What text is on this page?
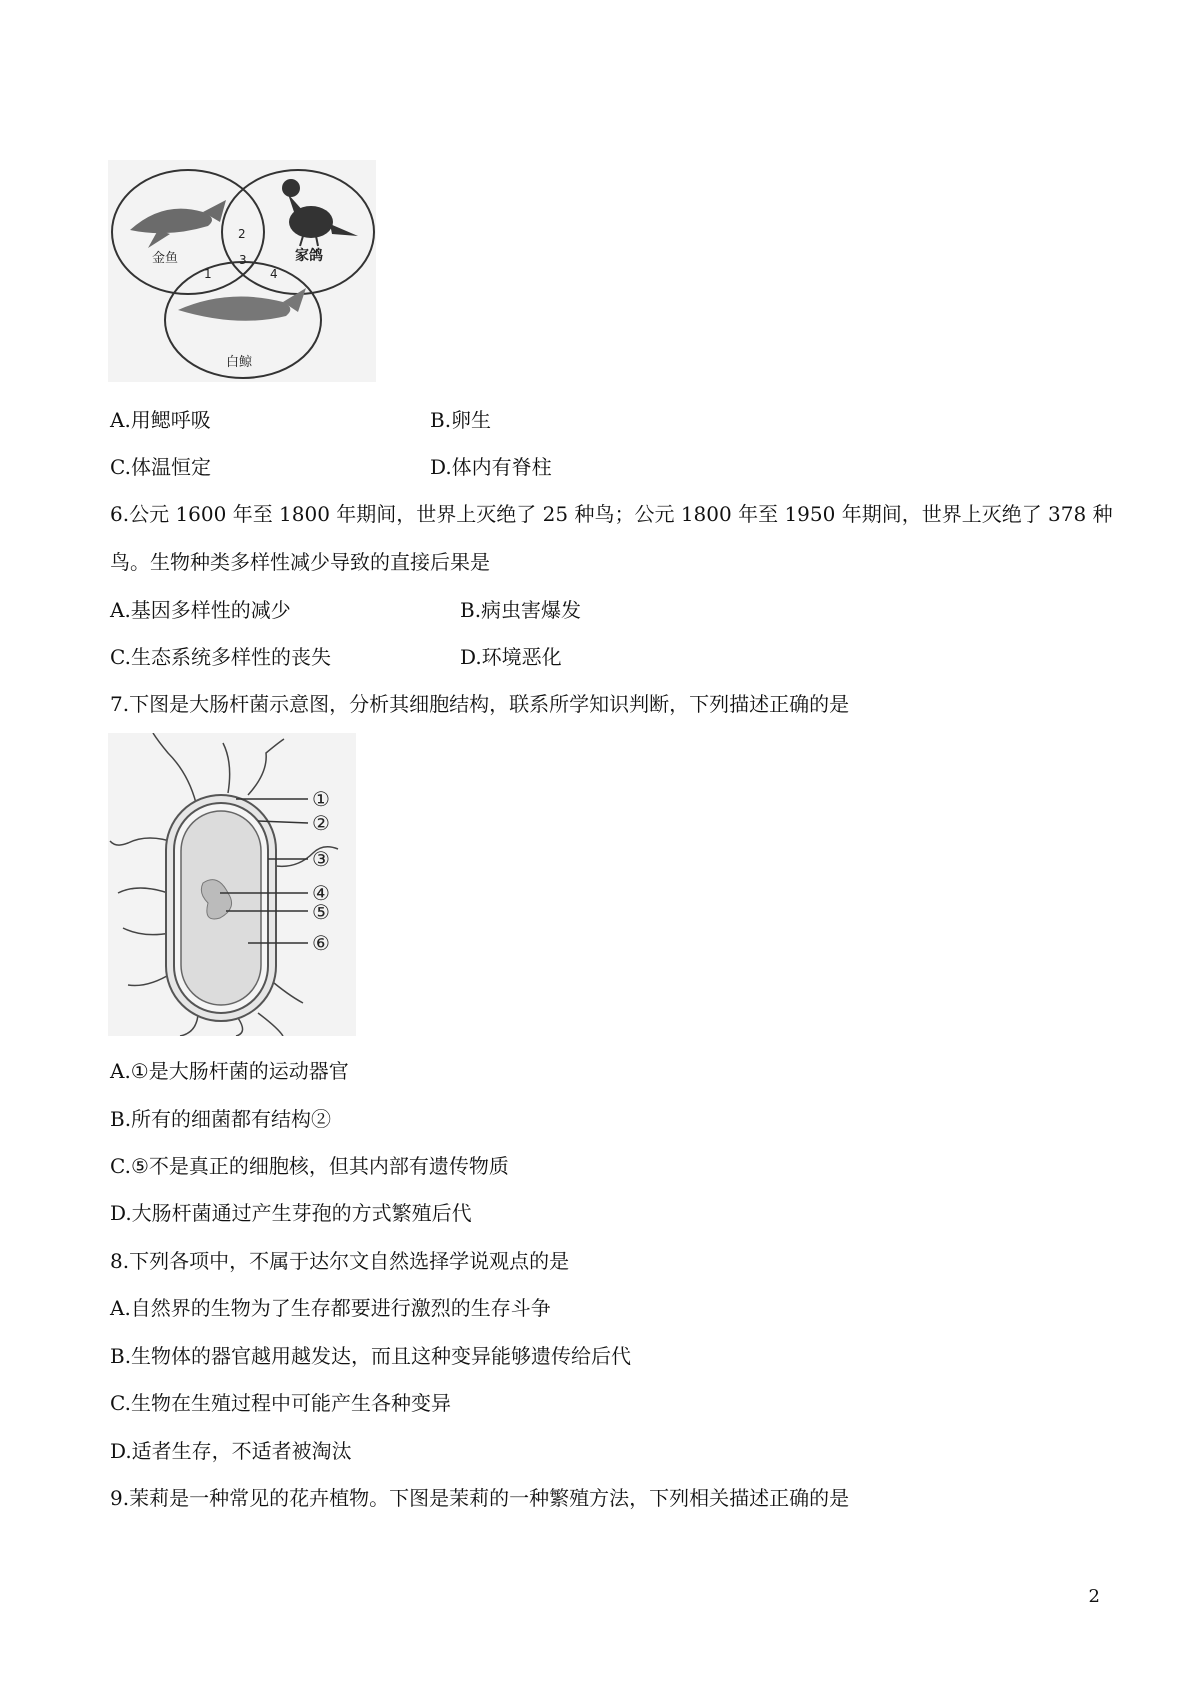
1
2
3
4
金鱼	家鸽
白鲸
A.用鳃呼吸	B.卵生
C.体温恒定	D.体内有脊柱
6.公元 1600 年至 1800 年期间，世界上灭绝了 25 种鸟；公元 1800 年至 1950 年期间，世界上灭绝了 378 种
鸟。生物种类多样性减少导致的直接后果是
A.基因多样性的减少	B.病虫害爆发
C.生态系统多样性的丧失	D.环境恶化
7.下图是大肠杆菌示意图，分析其细胞结构，联系所学知识判断，下列描述正确的是
①
②
③
④
⑤
⑥
A.①是大肠杆菌的运动器官
B.所有的细菌都有结构②
C.⑤不是真正的细胞核，但其内部有遗传物质
D.大肠杆菌通过产生芽孢的方式繁殖后代
8.下列各项中，不属于达尔文自然选择学说观点的是
A.自然界的生物为了生存都要进行激烈的生存斗争
B.生物体的器官越用越发达，而且这种变异能够遗传给后代
C.生物在生殖过程中可能产生各种变异
D.适者生存，不适者被淘汰
9.茉莉是一种常见的花卉植物。下图是茉莉的一种繁殖方法，下列相关描述正确的是
2
